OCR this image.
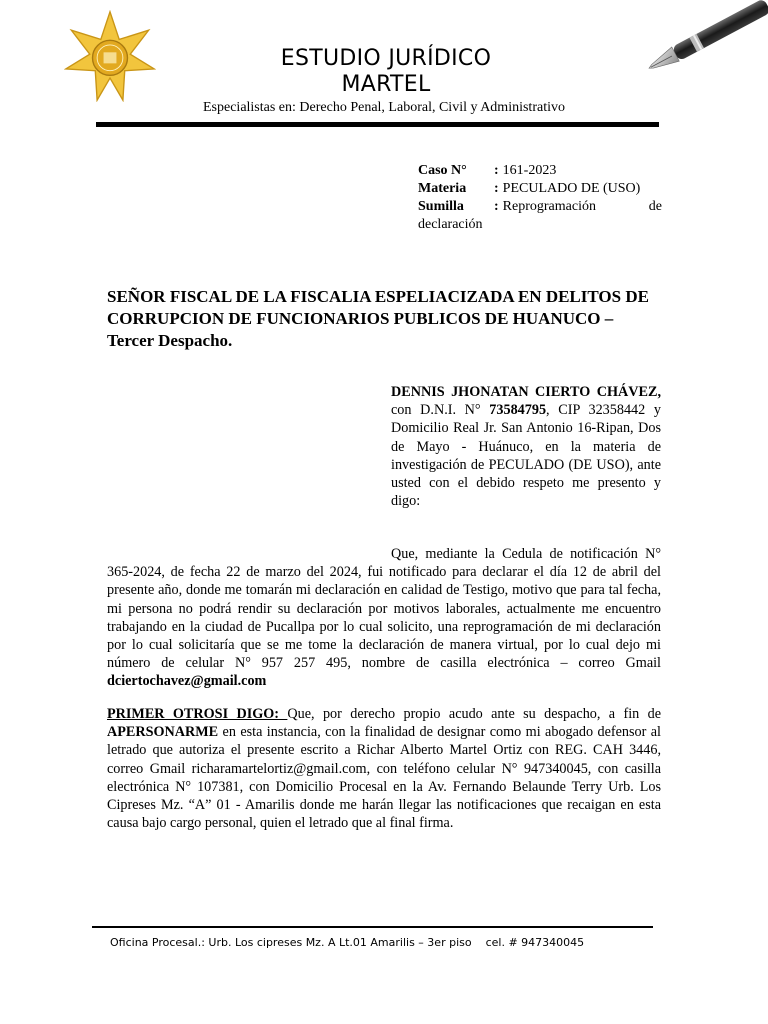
ESTUDIO JURÍDICO
MARTEL
Especialistas en: Derecho Penal, Laboral, Civil y Administrativo
Caso N°	: 161-2023
Materia	: PECULADO DE (USO)
Sumilla	: Reprogramación de
declaración
SEÑOR FISCAL DE LA FISCALIA ESPELIACIZADA EN DELITOS DE CORRUPCION DE FUNCIONARIOS PUBLICOS DE HUANUCO – Tercer Despacho.
DENNIS JHONATAN CIERTO CHÁVEZ, con D.N.I. N° 73584795, CIP 32358442 y Domicilio Real Jr. San Antonio 16-Ripan, Dos de Mayo - Huánuco, en la materia de investigación de PECULADO (DE USO), ante usted con el debido respeto me presento y digo:
Que, mediante la Cedula de notificación N° 365-2024, de fecha 22 de marzo del 2024, fui notificado para declarar el día 12 de abril del presente año, donde me tomarán mi declaración en calidad de Testigo, motivo que para tal fecha, mi persona no podrá rendir su declaración por motivos laborales, actualmente me encuentro trabajando en la ciudad de Pucallpa por lo cual solicito, una reprogramación de mi declaración por lo cual solicitaría que se me tome la declaración de manera virtual, por lo cual dejo mi número de celular N° 957 257 495, nombre de casilla electrónica – correo Gmail dciertochavez@gmail.com
PRIMER OTROSI DIGO: Que, por derecho propio acudo ante su despacho, a fin de APERSONARME en esta instancia, con la finalidad de designar como mi abogado defensor al letrado que autoriza el presente escrito a Richar Alberto Martel Ortiz con REG. CAH 3446, correo Gmail richaramartelortiz@gmail.com, con teléfono celular N° 947340045, con casilla electrónica N° 107381, con Domicilio Procesal en la Av. Fernando Belaunde Terry Urb. Los Cipreses Mz. “A” 01 - Amarilis donde me harán llegar las notificaciones que recaigan en esta causa bajo cargo personal, quien el letrado que al final firma.
Oficina Procesal.: Urb. Los cipreses Mz. A Lt.01 Amarilis – 3er piso    cel. # 947340045
